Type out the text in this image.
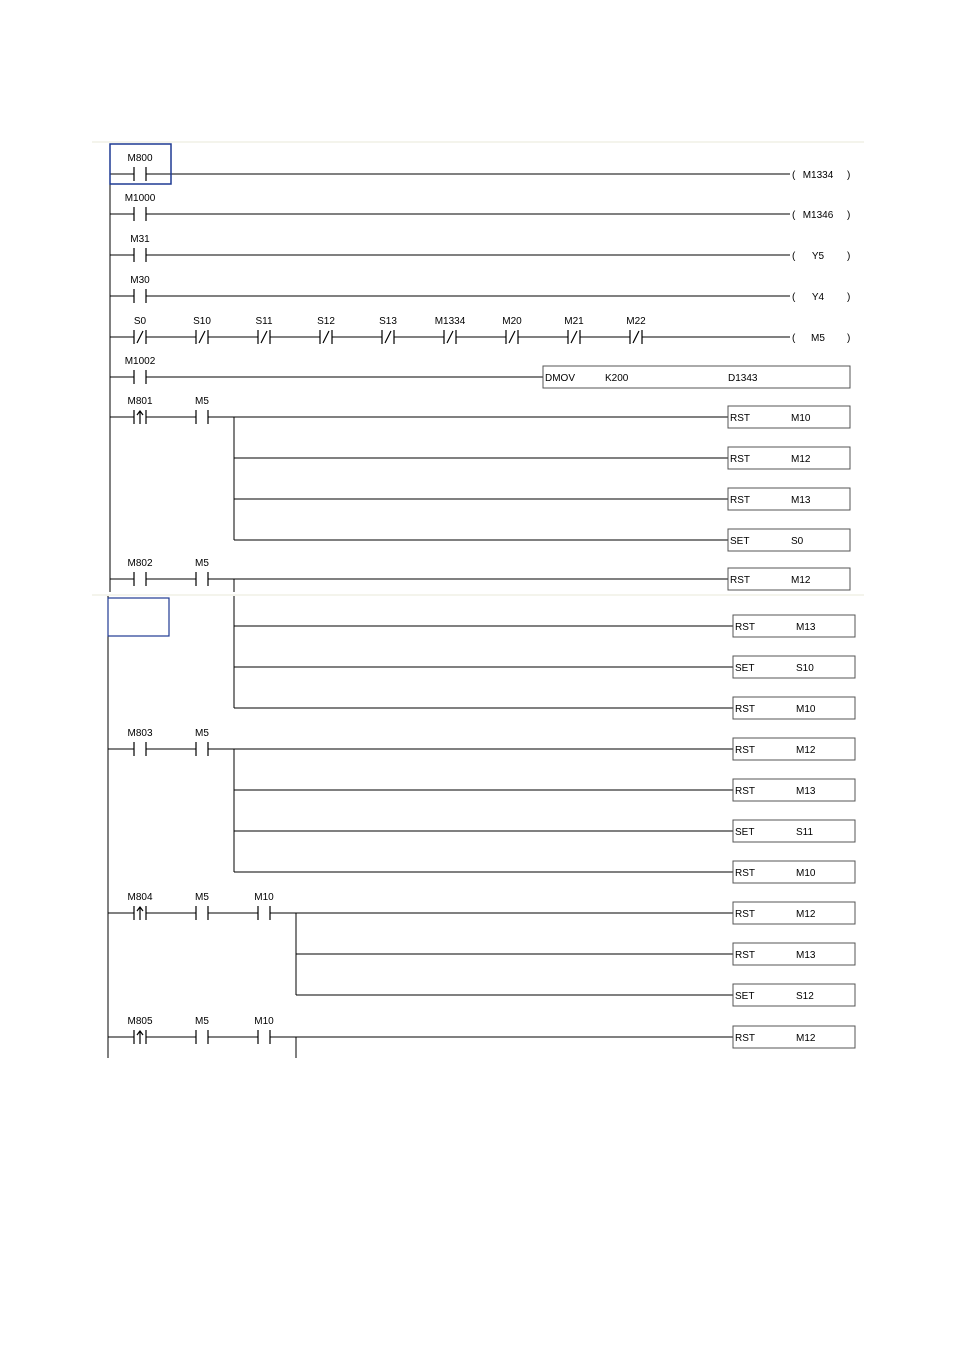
M800
(	)
M1334
M1000
(	)
M1346
M31
(	)
Y5
M30
(	)
Y4
S0	S10	S11	S12	S13	M1334	M20	M21	M22
(	)
M5
M1002
DMOV	K200	D1343
M801	M5
RST	M10
RST	M12
RST	M13
SET	S0
M802	M5
RST	M12
RST	M13
SET	S10
RST	M10
M803	M5
RST	M12
RST	M13
SET	S11
RST	M10
M804	M5	M10
RST	M12
RST	M13
SET	S12
M805	M5	M10
RST	M12
